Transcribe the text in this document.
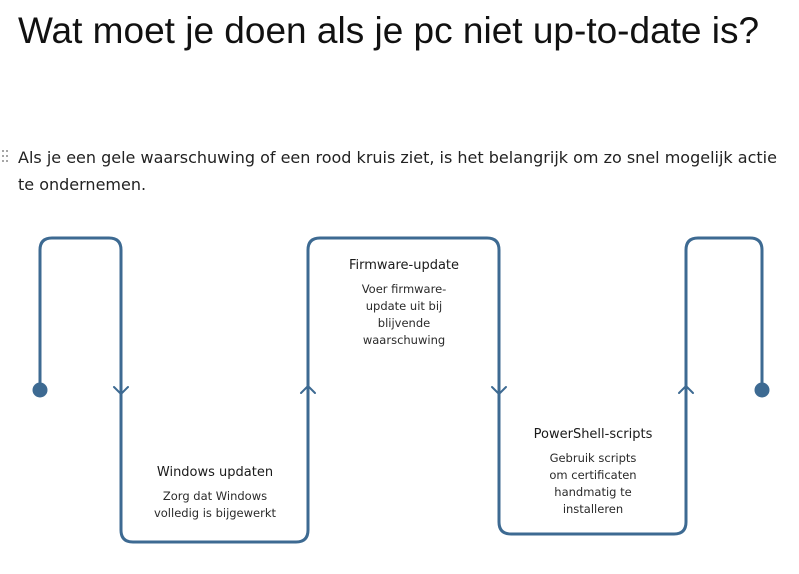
Wat moet je doen als je pc niet up-to-date is?

Als je een gele waarschuwing of een rood kruis ziet, is het belangrijk om zo snel mogelijk actie te ondernemen.

Windows updaten

Zorg dat Windows volledig is bijgewerkt

Firmware-update

Voer firmware-update uit bij blijvende waarschuwing

PowerShell-scripts

Gebruik scripts om certificaten handmatig te installeren
